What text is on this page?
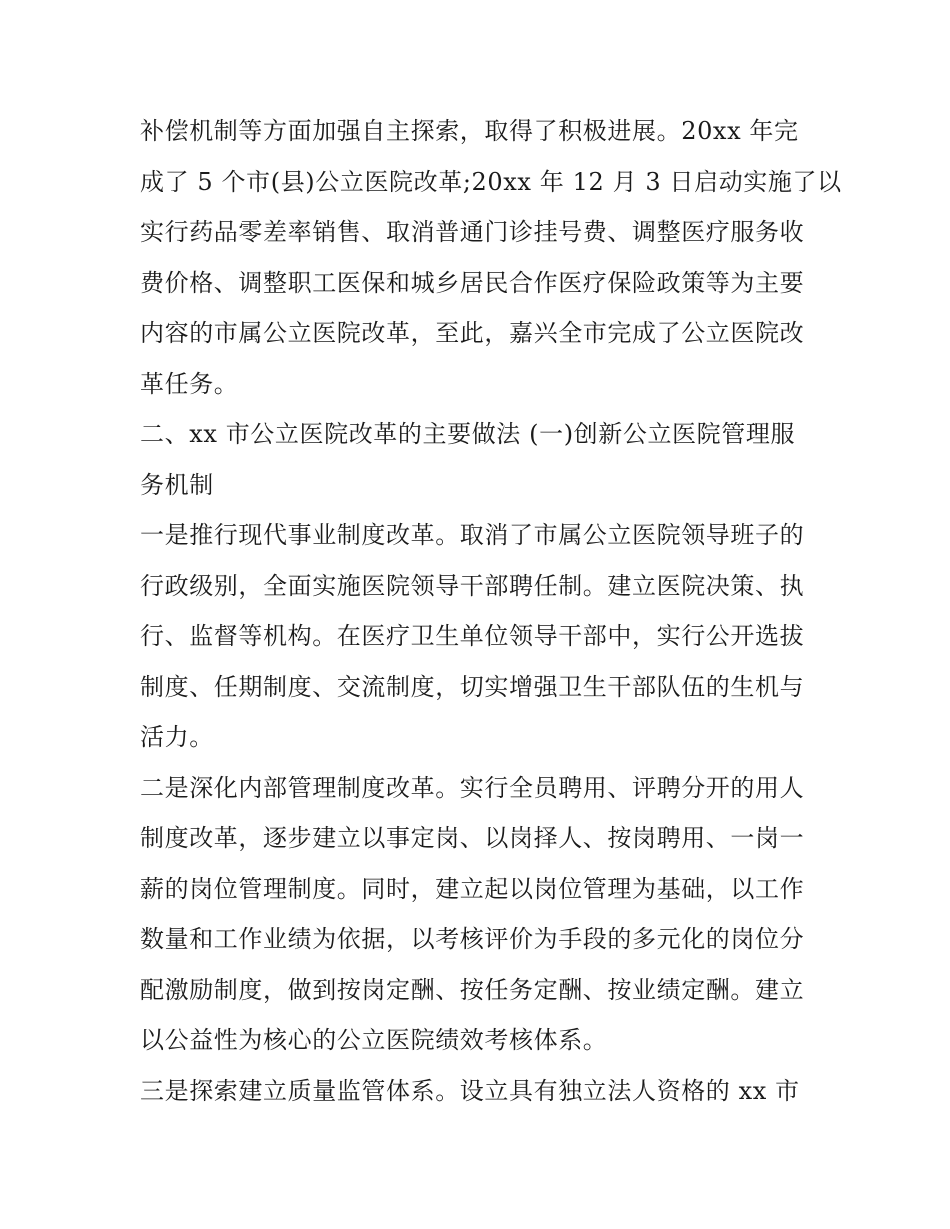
补偿机制等方面加强自主探索，取得了积极进展。20xx 年完
成了 5 个市(县)公立医院改革;20xx 年 12 月 3 日启动实施了以
实行药品零差率销售、取消普通门诊挂号费、调整医疗服务收
费价格、调整职工医保和城乡居民合作医疗保险政策等为主要
内容的市属公立医院改革，至此，嘉兴全市完成了公立医院改
革任务。
二、xx 市公立医院改革的主要做法 (一)创新公立医院管理服
务机制
一是推行现代事业制度改革。取消了市属公立医院领导班子的
行政级别，全面实施医院领导干部聘任制。建立医院决策、执
行、监督等机构。在医疗卫生单位领导干部中，实行公开选拔
制度、任期制度、交流制度，切实增强卫生干部队伍的生机与
活力。
二是深化内部管理制度改革。实行全员聘用、评聘分开的用人
制度改革，逐步建立以事定岗、以岗择人、按岗聘用、一岗一
薪的岗位管理制度。同时，建立起以岗位管理为基础，以工作
数量和工作业绩为依据，以考核评价为手段的多元化的岗位分
配激励制度，做到按岗定酬、按任务定酬、按业绩定酬。建立
以公益性为核心的公立医院绩效考核体系。
三是探索建立质量监管体系。设立具有独立法人资格的 xx 市
